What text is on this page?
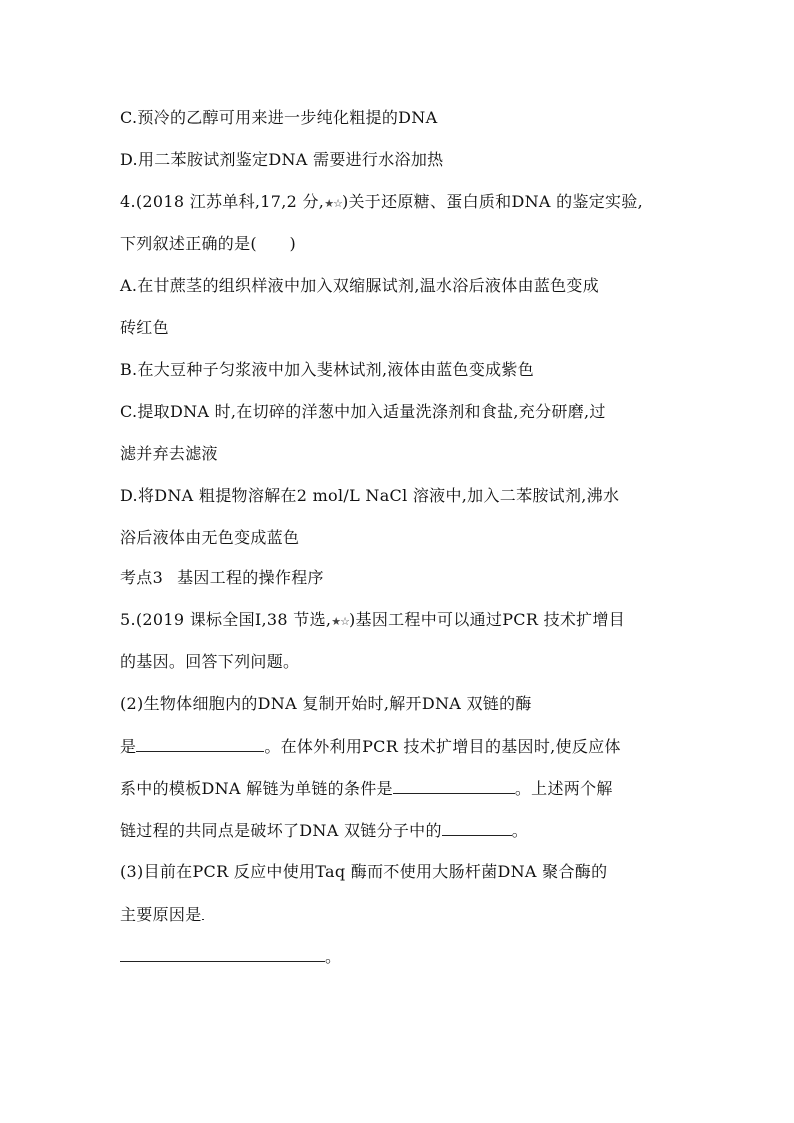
C.预冷的乙醇可用来进一步纯化粗提的DNA
D.用二苯胺试剂鉴定DNA 需要进行水浴加热
4.(2018 江苏单科,17,2 分,★☆)关于还原糖、蛋白质和DNA 的鉴定实验,
下列叙述正确的是(　　)
A.在甘蔗茎的组织样液中加入双缩脲试剂,温水浴后液体由蓝色变成
砖红色
B.在大豆种子匀浆液中加入斐林试剂,液体由蓝色变成紫色
C.提取DNA 时,在切碎的洋葱中加入适量洗涤剂和食盐,充分研磨,过
滤并弃去滤液
D.将DNA 粗提物溶解在2 mol/L NaCl 溶液中,加入二苯胺试剂,沸水
浴后液体由无色变成蓝色
考点3 基因工程的操作程序
5.(2019 课标全国Ⅰ,38 节选,★☆)基因工程中可以通过PCR 技术扩增目
的基因。回答下列问题。
(2)生物体细胞内的DNA 复制开始时,解开DNA 双链的酶
是	。在体外利用PCR 技术扩增目的基因时,使反应体
系中的模板DNA 解链为单链的条件是	。上述两个解
链过程的共同点是破坏了DNA 双链分子中的	。
(3)目前在PCR 反应中使用Taq 酶而不使用大肠杆菌DNA 聚合酶的
主要原因是
。
